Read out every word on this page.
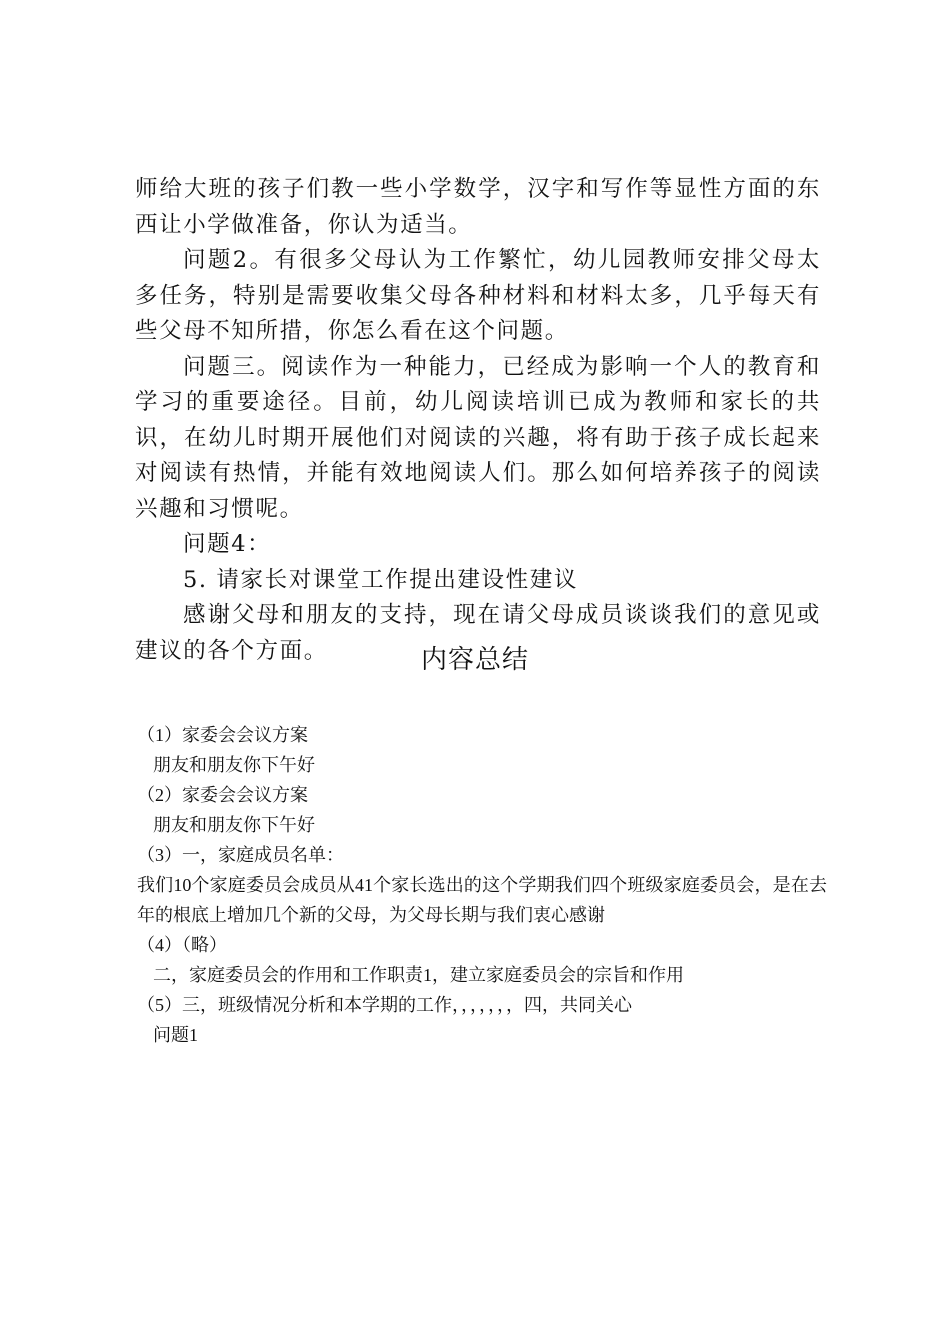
师给大班的孩子们教一些小学数学，汉字和写作等显性方面的东西让小学做准备，你认为适当。

问题2。有很多父母认为工作繁忙，幼儿园教师安排父母太多任务，特别是需要收集父母各种材料和材料太多，几乎每天有些父母不知所措，你怎么看在这个问题。

问题三。阅读作为一种能力，已经成为影响一个人的教育和学习的重要途径。目前，幼儿阅读培训已成为教师和家长的共识，在幼儿时期开展他们对阅读的兴趣，将有助于孩子成长起来对阅读有热情，并能有效地阅读人们。那么如何培养孩子的阅读兴趣和习惯呢。

问题4：

5. 请家长对课堂工作提出建设性建议

感谢父母和朋友的支持，现在请父母成员谈谈我们的意见或建议的各个方面。	内容总结

（1）家委会会议方案

朋友和朋友你下午好

（2）家委会会议方案

朋友和朋友你下午好

（3）一，家庭成员名单：

我们10个家庭委员会成员从41个家长选出的这个学期我们四个班级家庭委员会，是在去年的根底上增加几个新的父母，为父母长期与我们衷心感谢

（4）（略）

二，家庭委员会的作用和工作职责1，建立家庭委员会的宗旨和作用

（5）三，班级情况分析和本学期的工作，，，，，，，四，共同关心

问题1
